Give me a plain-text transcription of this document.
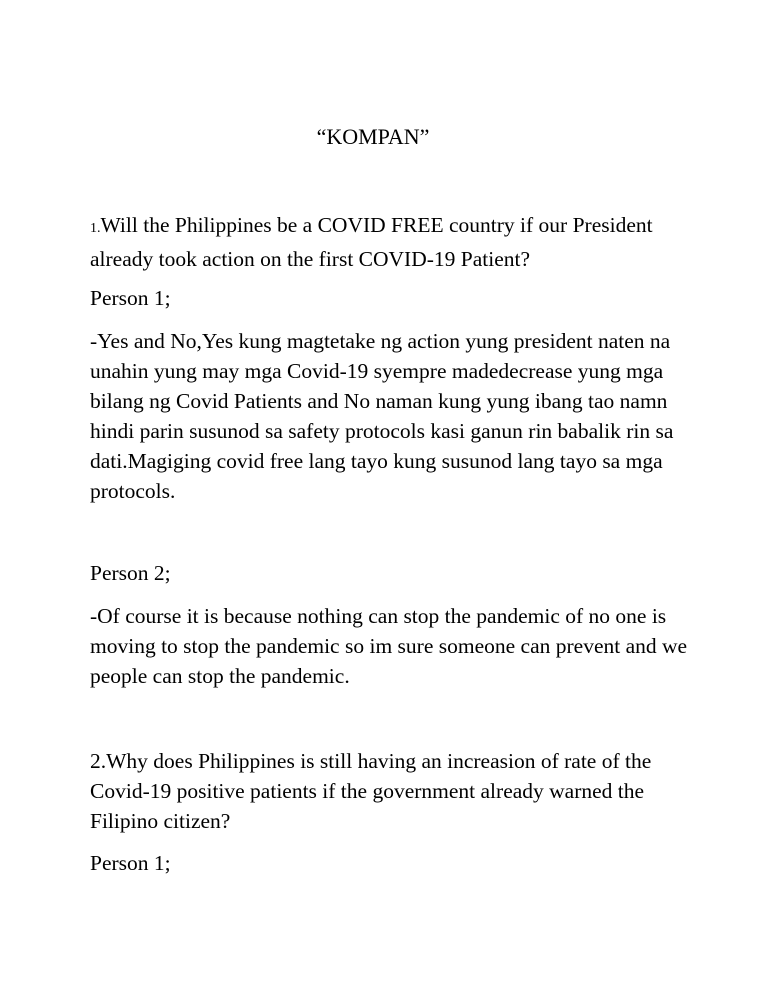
“KOMPAN”

1.Will the Philippines be a COVID FREE country if our President already took action on the first COVID-19 Patient?

Person 1;

-Yes and No,Yes kung magtetake ng action yung president naten na unahin yung may mga Covid-19 syempre madedecrease yung mga bilang ng Covid Patients and No naman kung yung ibang tao namn hindi parin susunod sa safety protocols kasi ganun rin babalik rin sa dati.Magiging covid free lang tayo kung susunod lang tayo sa mga protocols.

Person 2;

-Of course it is because nothing can stop the pandemic of no one is moving to stop the pandemic so im sure someone can prevent and we people can stop the pandemic.

2.Why does Philippines is still having an increasion of rate of the Covid-19 positive patients if the government already warned the Filipino citizen?

Person 1;
